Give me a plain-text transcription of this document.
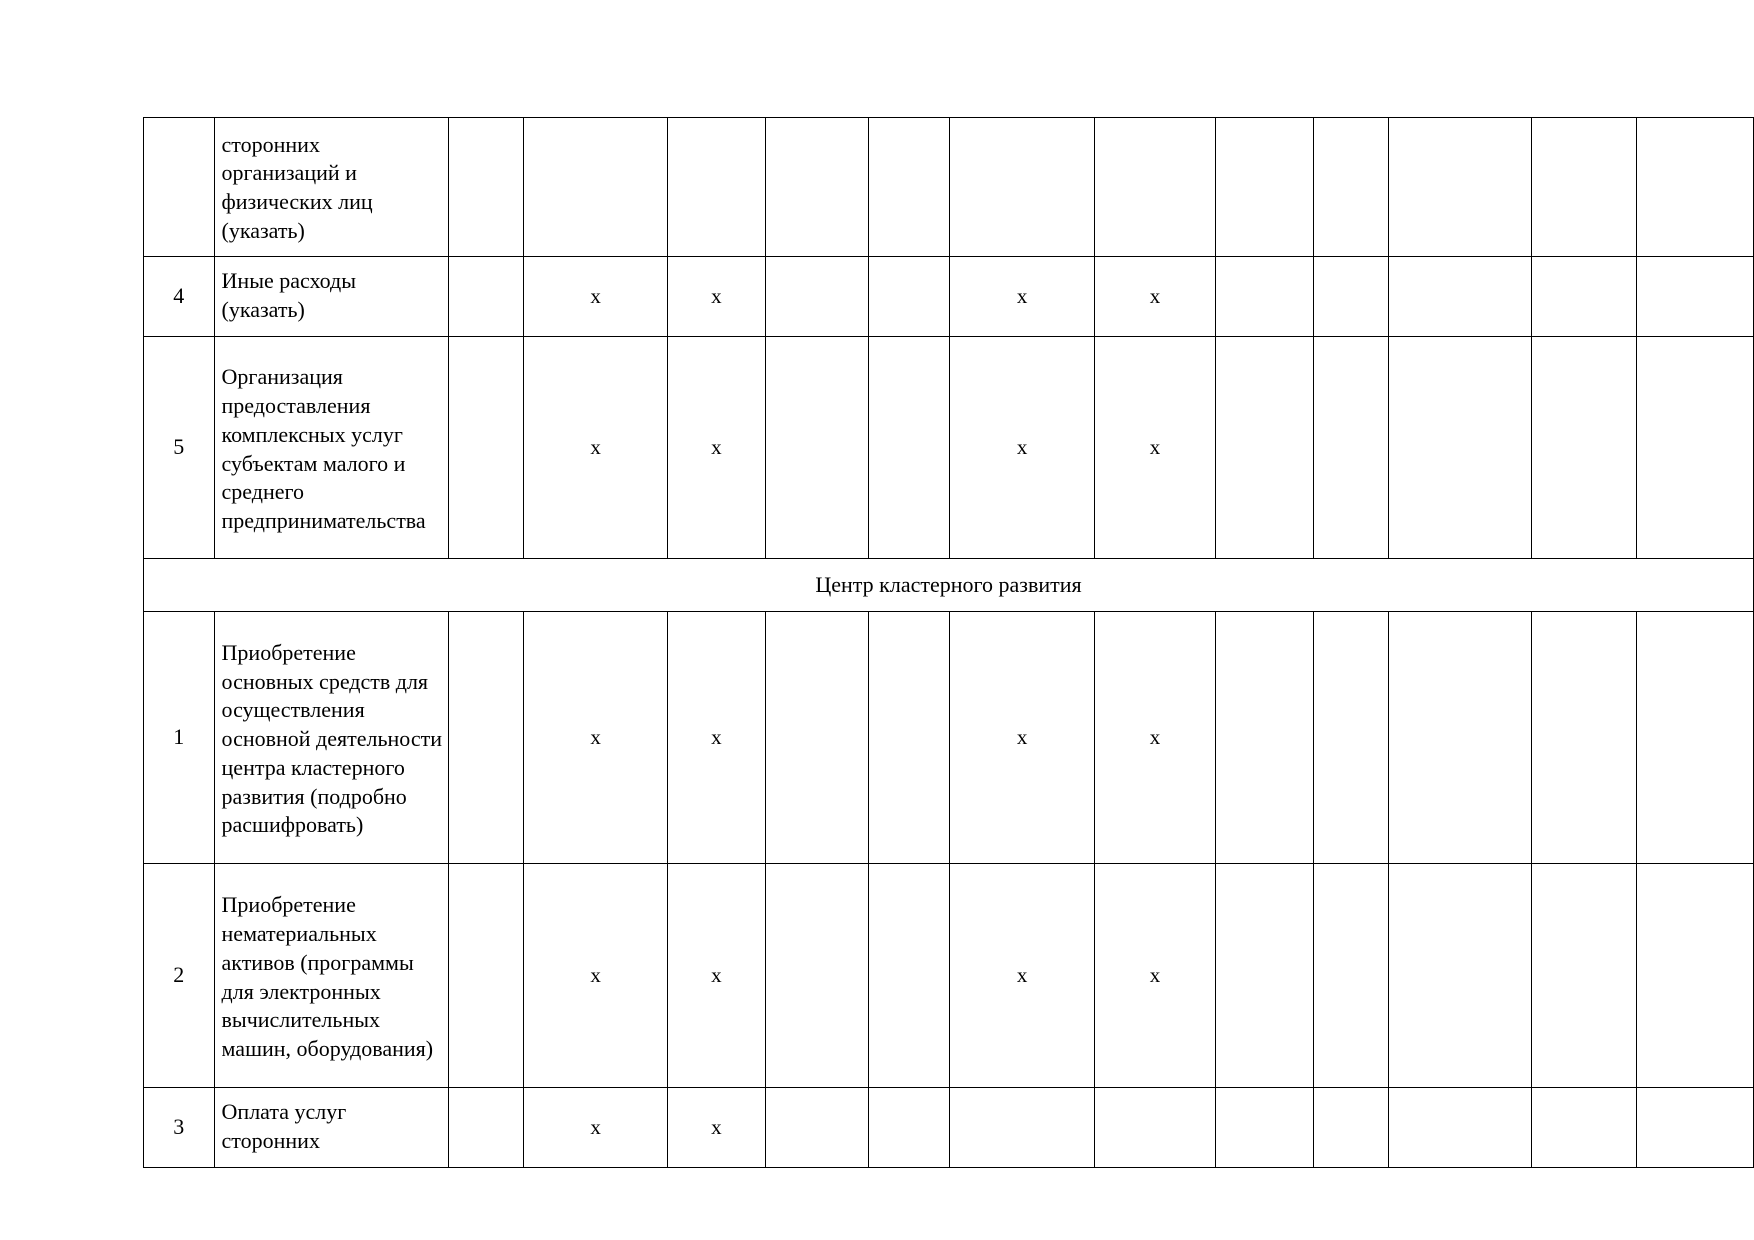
	сторонних организаций и физических лиц (указать)												
4	Иные расходы (указать)		x	x			x	x					
5	Организация предоставления комплексных услуг субъектам малого и среднего предпринимательства		x	x			x	x					
Центр кластерного развития													
1	Приобретение основных средств для осуществления основной деятельности центра кластерного развития (подробно расшифровать)		x	x			x	x					
2	Приобретение нематериальных активов (программы для электронных вычислительных машин, оборудования)		x	x			x	x					
3	Оплата услуг сторонних		x	x									
